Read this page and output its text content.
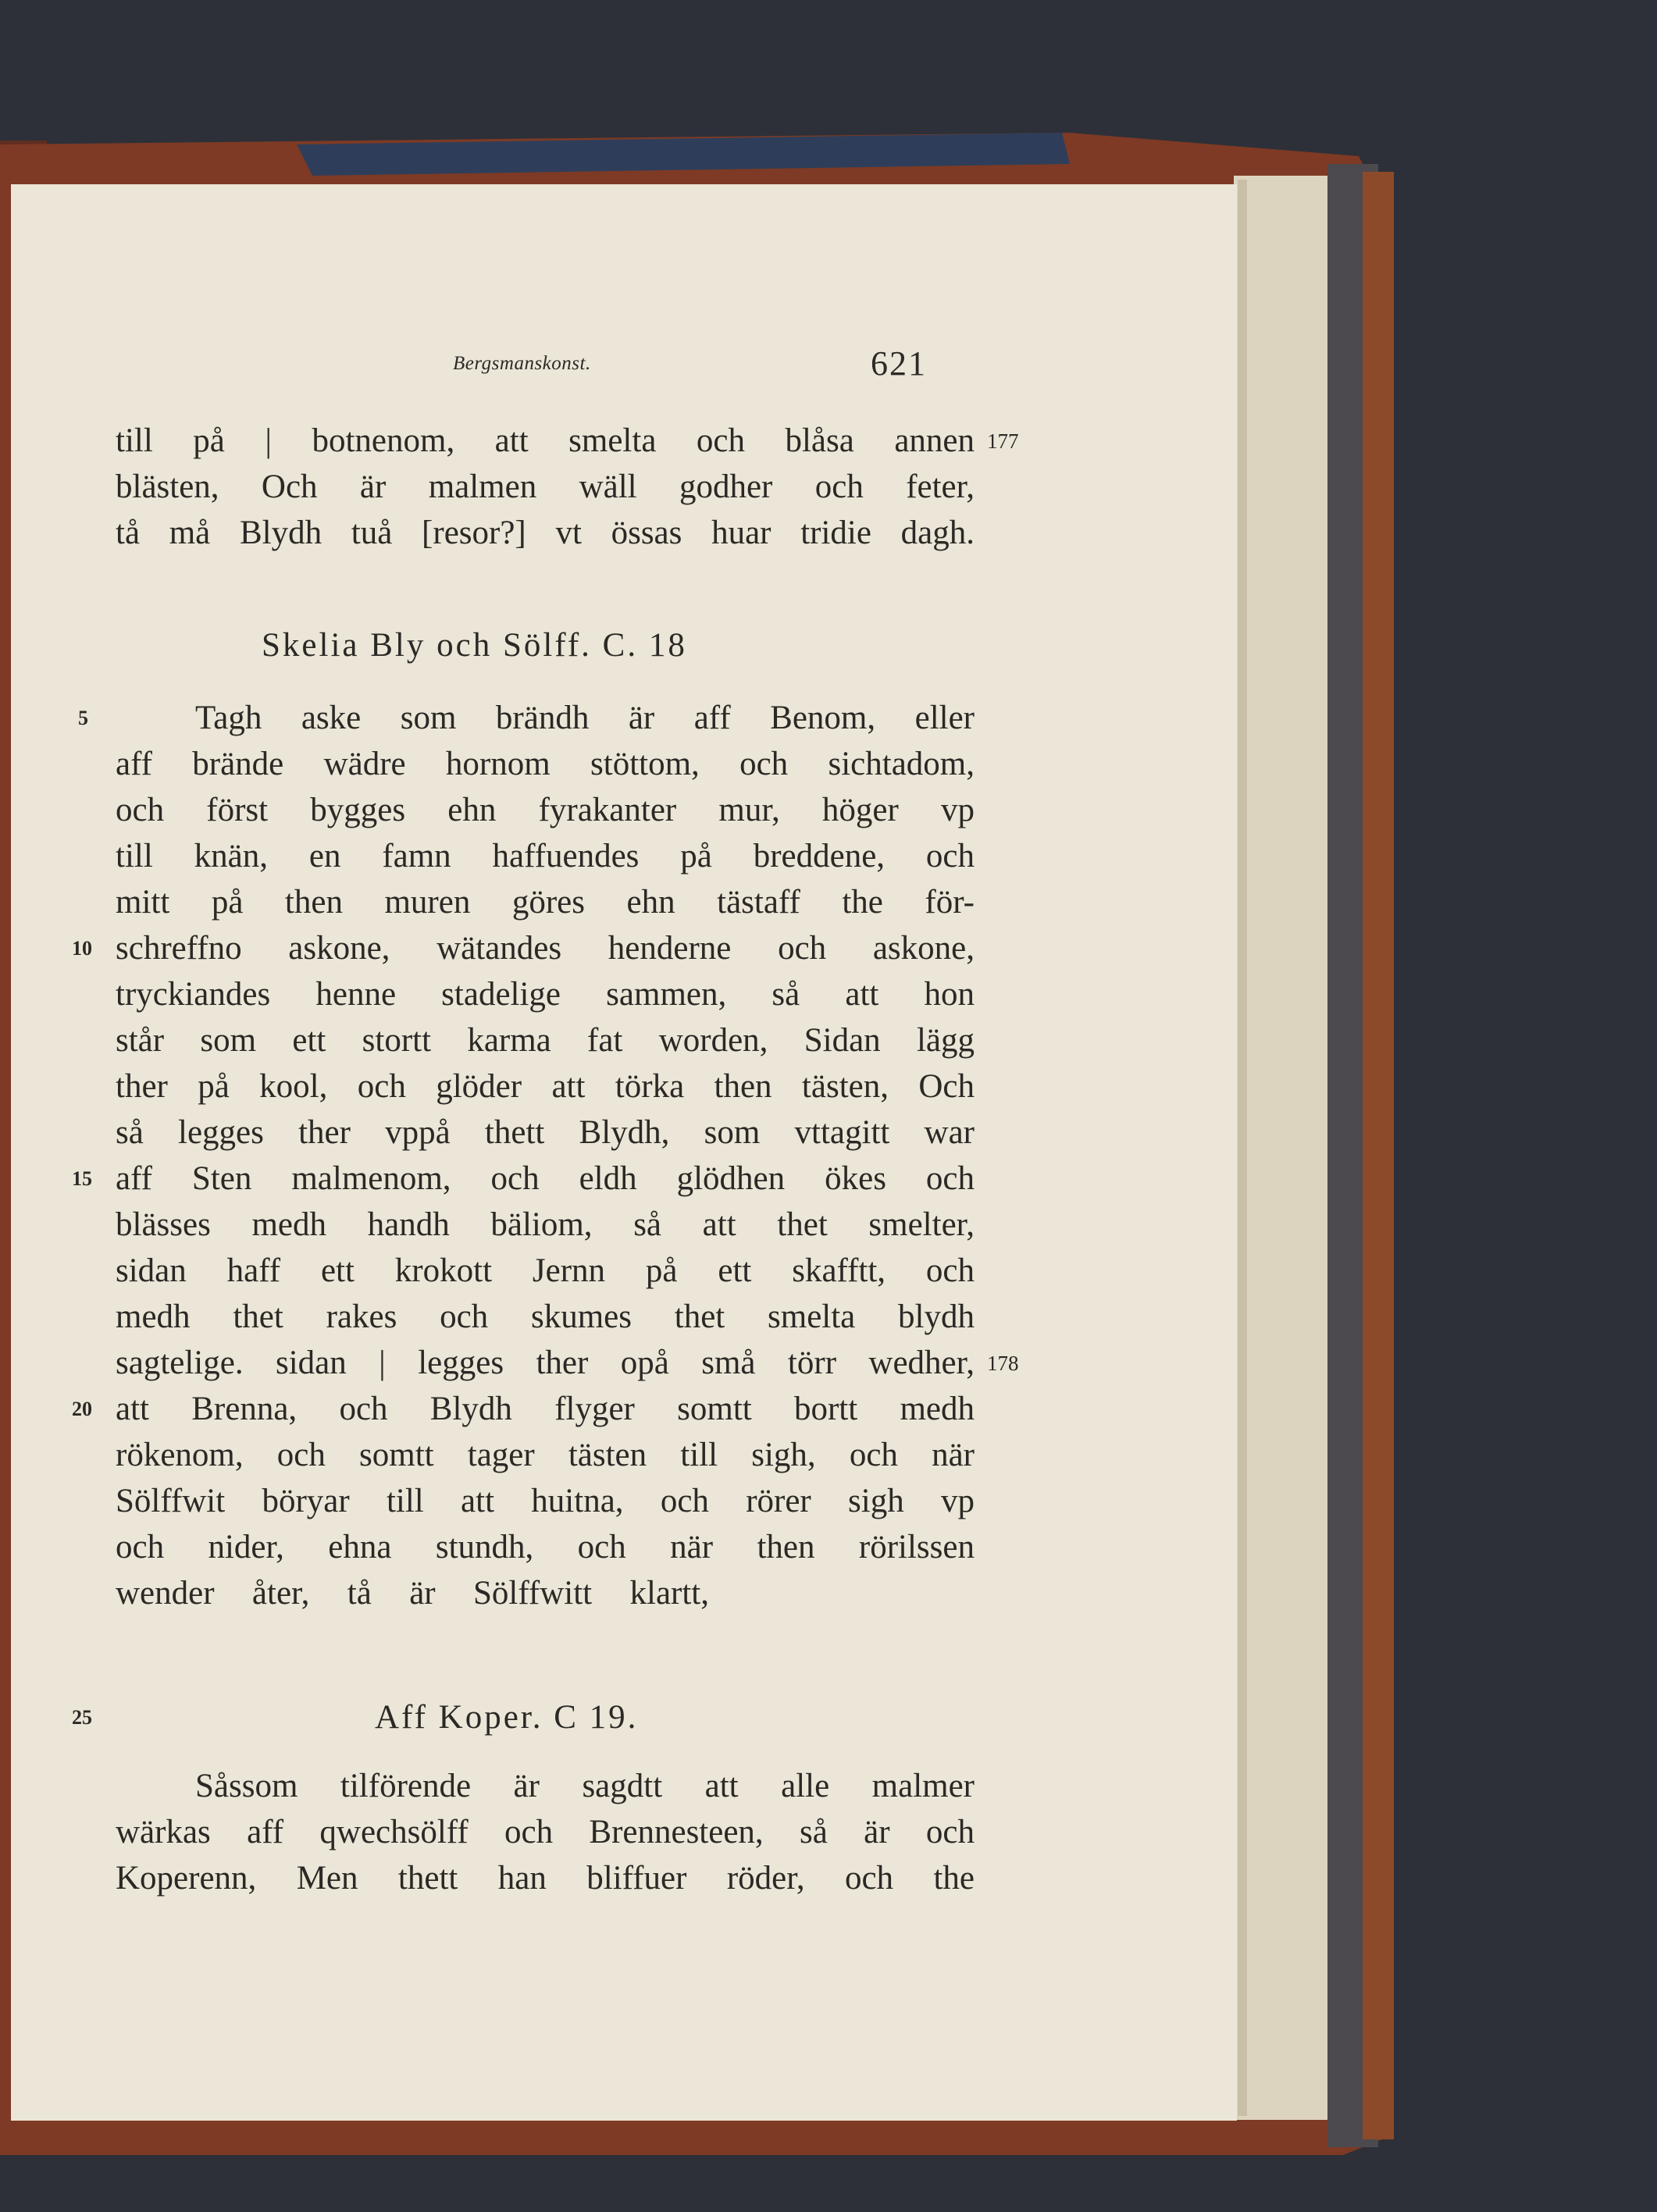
Bergsmanskonst.	621
till på | botnenom, att smelta och blåsa annen
blästen, Och är malmen wäll godher och feter,
tå må Blydh tuå [resor?] vt össas huar tridie dagh.
Skelia Bly och Sölff. C. 18
Tagh aske som brändh är aff Benom, eller
aff brände wädre hornom stöttom, och sichtadom,
och först bygges ehn fyrakanter mur, höger vp
till knän, en famn haffuendes på breddene, och
mitt på then muren göres ehn tästaff the för-
schreffno askone, wätandes henderne och askone,
tryckiandes henne stadelige sammen, så att hon
står som ett stortt karma fat worden, Sidan lägg
ther på kool, och glöder att törka then tästen, Och
så legges ther vppå thett Blydh, som vttagitt war
aff Sten malmenom, och eldh glödhen ökes och
blässes medh handh bäliom, så att thet smelter,
sidan haff ett krokott Jernn på ett skafftt, och
medh thet rakes och skumes thet smelta blydh
sagtelige. sidan | legges ther opå små törr wedher,
att Brenna, och Blydh flyger somtt bortt medh
rökenom, och somtt tager tästen till sigh, och när
Sölffwit böryar till att huitna, och rörer sigh vp
och nider, ehna stundh, och när then rörilssen
wender åter, tå är Sölffwitt klartt,
Aff Koper. C 19.
Såssom tilförende är sagdtt att alle malmer
wärkas aff qwechsölff och Brennesteen, så är och
Koperenn, Men thett han bliffuer röder, och the
5
10
15
20
25
177
178
